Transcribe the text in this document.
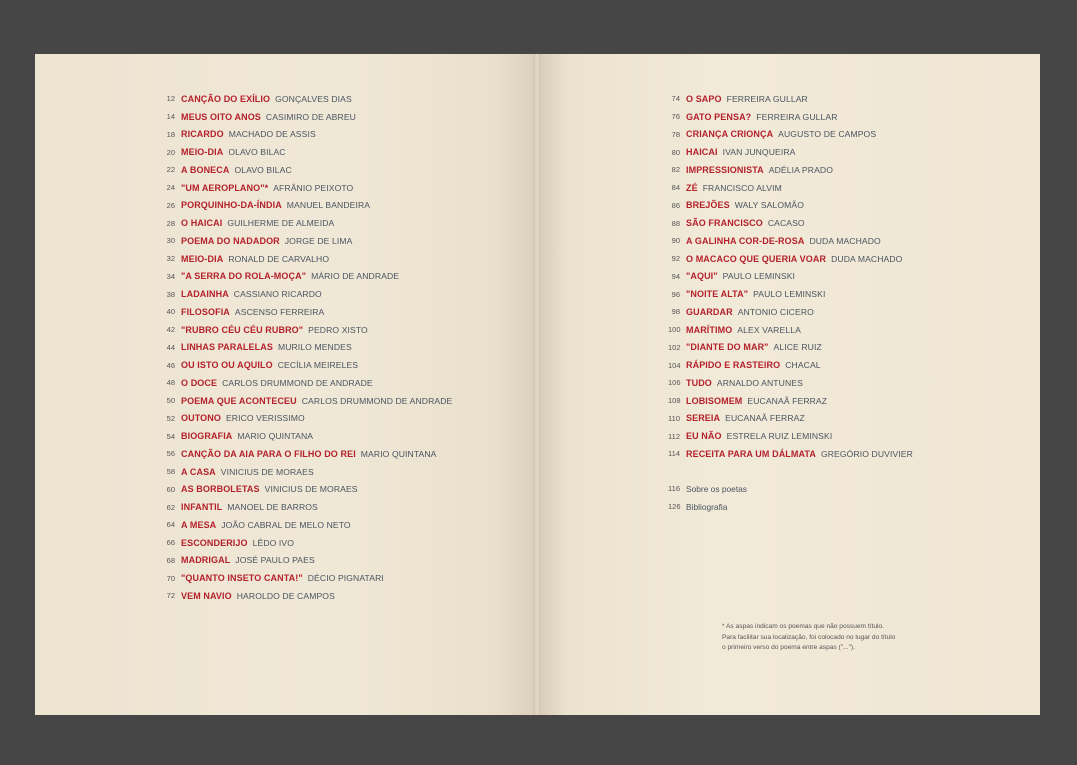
12 CANÇÃO DO EXÍLIO GONÇALVES DIAS
14 MEUS OITO ANOS CASIMIRO DE ABREU
18 RICARDO MACHADO DE ASSIS
20 MEIO-DIA OLAVO BILAC
22 A BONECA OLAVO BILAC
24 "UM AEROPLANO"* AFRÂNIO PEIXOTO
26 PORQUINHO-DA-ÍNDIA MANUEL BANDEIRA
28 O HAICAI GUILHERME DE ALMEIDA
30 POEMA DO NADADOR JORGE DE LIMA
32 MEIO-DIA RONALD DE CARVALHO
34 "A SERRA DO ROLA-MOÇA" MÁRIO DE ANDRADE
38 LADAINHA CASSIANO RICARDO
40 FILOSOFIA ASCENSO FERREIRA
42 "RUBRO CÉU CÉU RUBRO" PEDRO XISTO
44 LINHAS PARALELAS MURILO MENDES
46 OU ISTO OU AQUILO CECÍLIA MEIRELES
48 O DOCE CARLOS DRUMMOND DE ANDRADE
50 POEMA QUE ACONTECEU CARLOS DRUMMOND DE ANDRADE
52 OUTONO ERICO VERISSIMO
54 BIOGRAFIA MARIO QUINTANA
56 CANÇÃO DA AIA PARA O FILHO DO REI MARIO QUINTANA
58 A CASA VINICIUS DE MORAES
60 AS BORBOLETAS VINICIUS DE MORAES
62 INFANTIL MANOEL DE BARROS
64 A MESA JOÃO CABRAL DE MELO NETO
66 ESCONDERIJO LÊDO IVO
68 MADRIGAL JOSÉ PAULO PAES
70 "QUANTO INSETO CANTA!" DÉCIO PIGNATARI
72 VEM NAVIO HAROLDO DE CAMPOS
74 O SAPO FERREIRA GULLAR
76 GATO PENSA? FERREIRA GULLAR
78 CRIANÇA CRIONÇA AUGUSTO DE CAMPOS
80 HAICAI IVAN JUNQUEIRA
82 IMPRESSIONISTA ADÉLIA PRADO
84 ZÉ FRANCISCO ALVIM
86 BREJÕES WALY SALOMÃO
88 SÃO FRANCISCO CACASO
90 A GALINHA COR-DE-ROSA DUDA MACHADO
92 O MACACO QUE QUERIA VOAR DUDA MACHADO
94 "AQUI" PAULO LEMINSKI
96 "NOITE ALTA" PAULO LEMINSKI
98 GUARDAR ANTONIO CICERO
100 MARÍTIMO ALEX VARELLA
102 "DIANTE DO MAR" ALICE RUIZ
104 RÁPIDO E RASTEIRO CHACAL
106 TUDO ARNALDO ANTUNES
108 LOBISOMEM EUCANAÃ FERRAZ
110 SEREIA EUCANAÃ FERRAZ
112 EU NÃO ESTRELA RUIZ LEMINSKI
114 RECEITA PARA UM DÁLMATA GREGÓRIO DUVIVIER
116 Sobre os poetas
126 Bibliografia
* As aspas indicam os poemas que não possuem título.
Para facilitar sua localização, foi colocado no lugar do título
o primeiro verso do poema entre aspas ("...").
